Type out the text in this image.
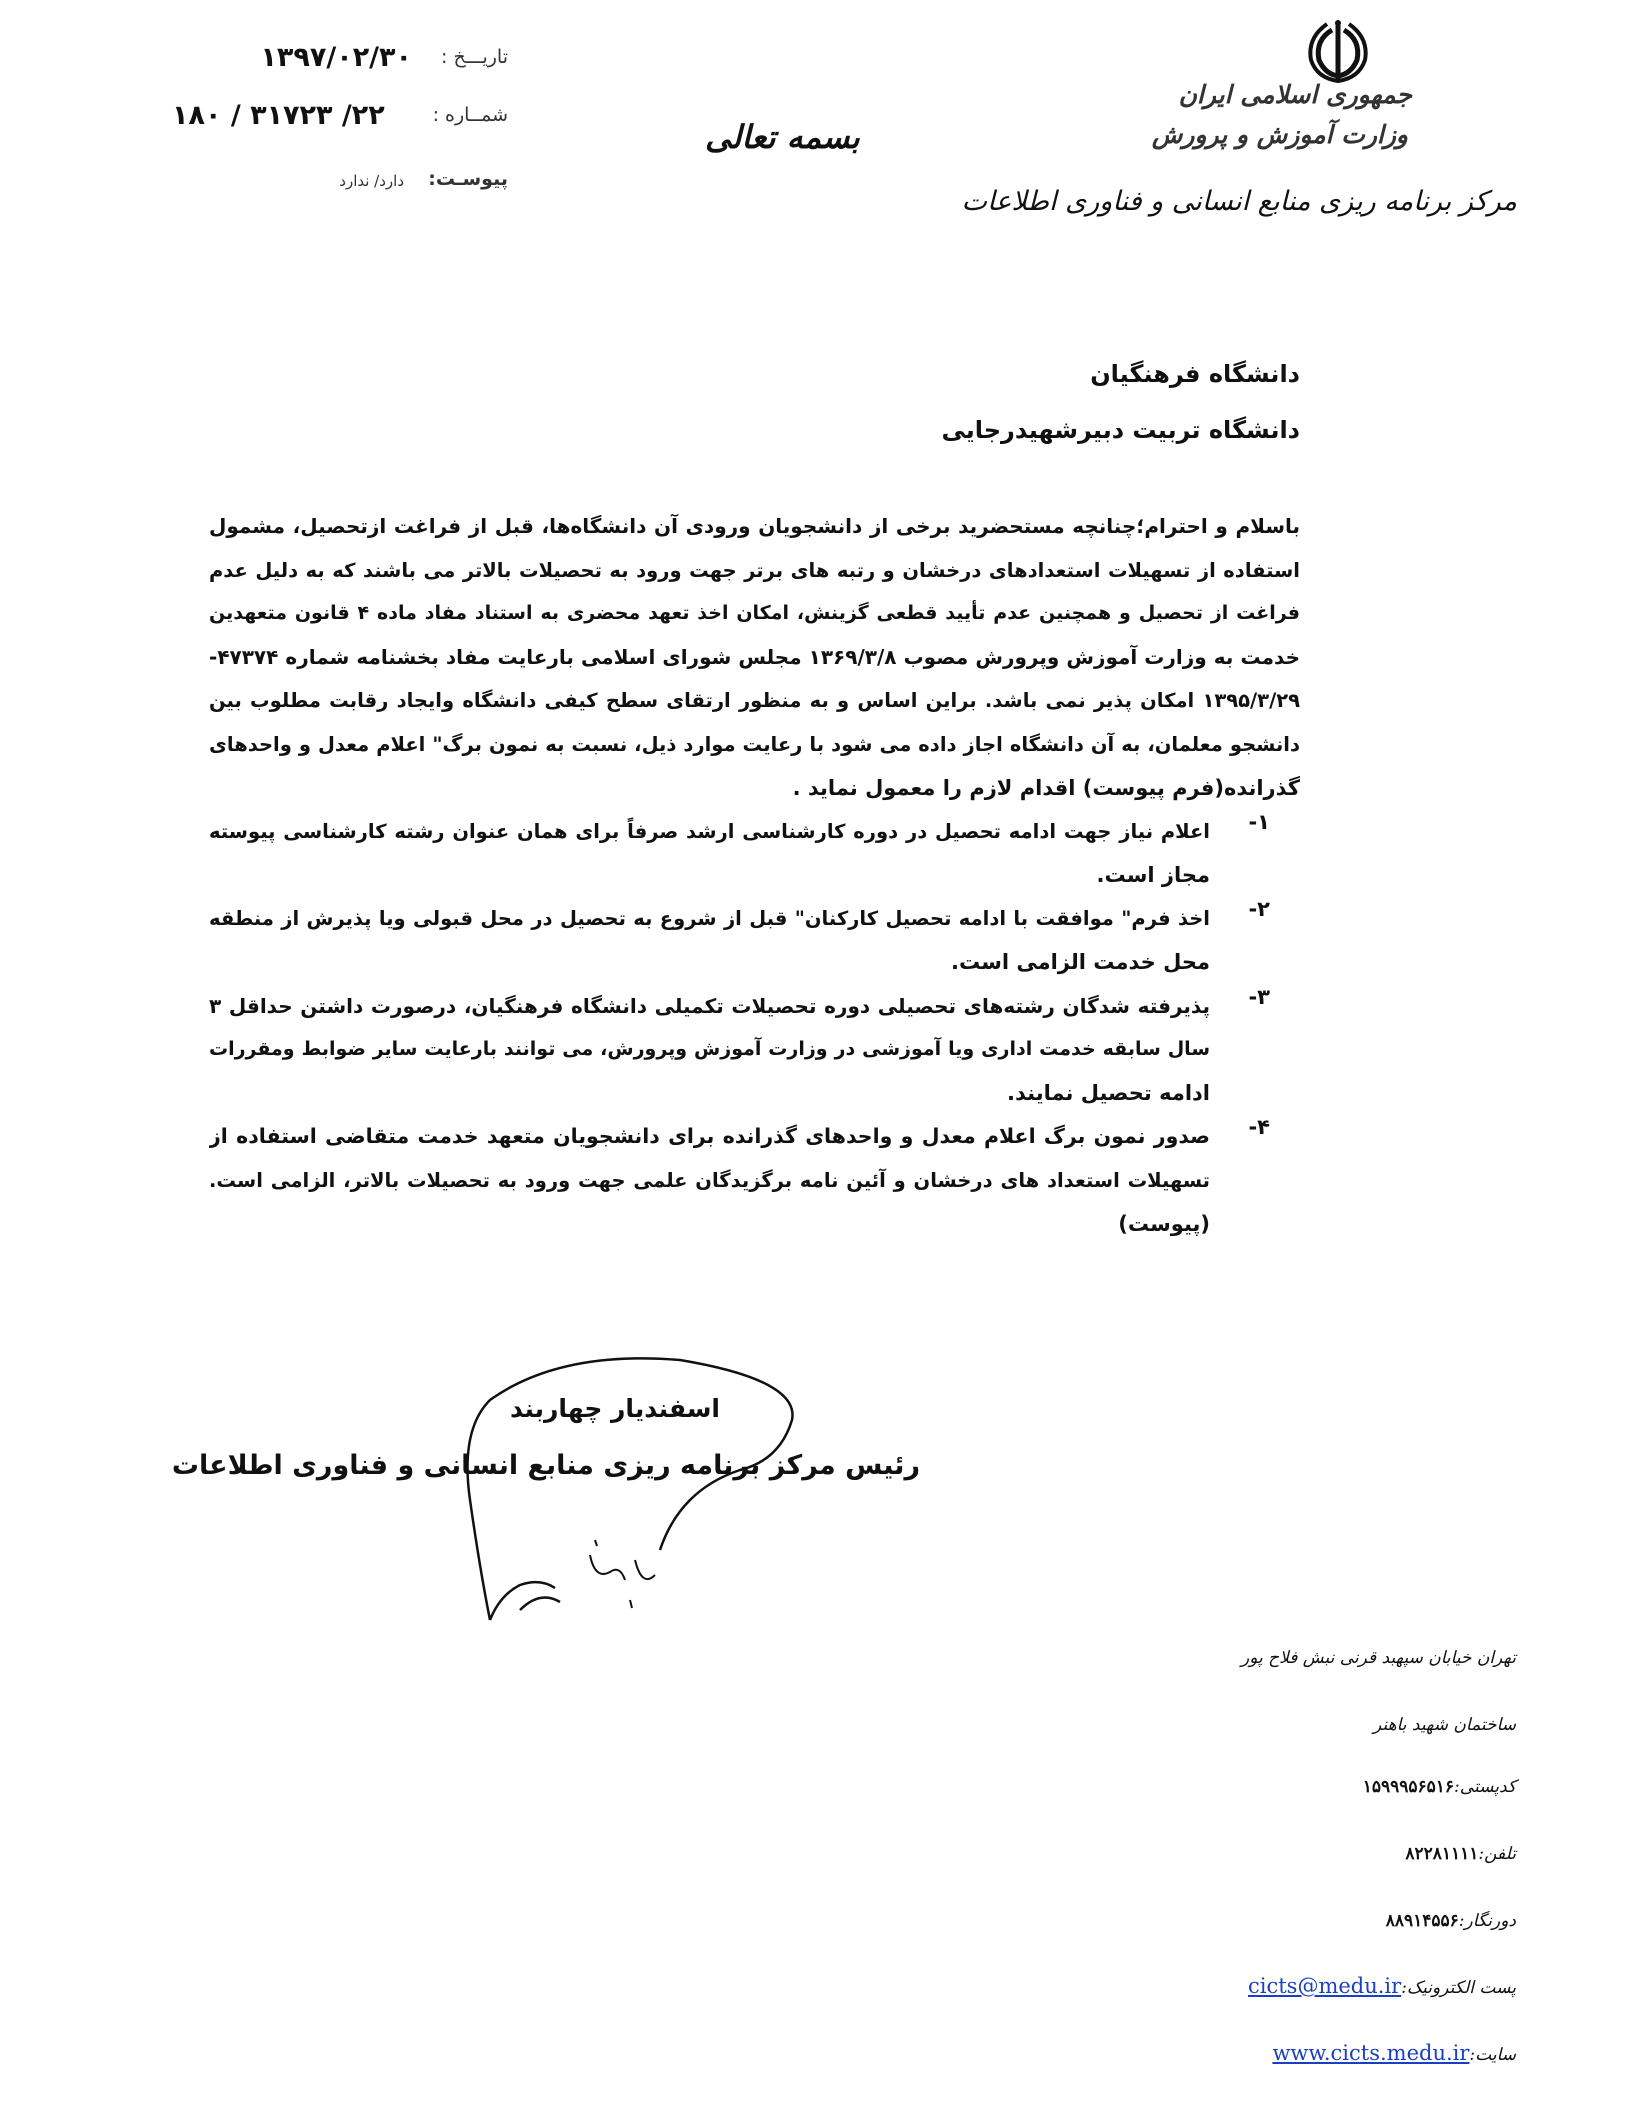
جمهوری اسلامی ایران
وزارت آموزش و پرورش
مرکز برنامه ریزی منابع انسانی و فناوری اطلاعات
تاریـــخ :
۱۳۹۷/۰۲/۳۰
شمــاره :
۱۸۰ / ۳۱۷۲۳ /۲۲
پیوسـت:
دارد/ ندارد
بسمه تعالی
دانشگاه فرهنگیان
دانشگاه تربیت دبیرشهیدرجایی
باسلام و احترام؛چنانچه مستحضرید برخی از دانشجویان ورودی آن دانشگاه‌ها، قبل از فراغت ازتحصیل، مشمول
استفاده از تسهیلات استعدادهای درخشان و رتبه های برتر جهت ورود به تحصیلات بالاتر می باشند که به دلیل عدم
فراغت از تحصیل و همچنین عدم تأیید قطعی گزینش، امکان اخذ تعهد محضری به استناد مفاد ماده ۴ قانون متعهدین
خدمت به وزارت آموزش وپرورش مصوب ۱۳۶۹/۳/۸ مجلس شورای اسلامی بارعایت مفاد بخشنامه شماره ۴۷۳۷۴-
۱۳۹۵/۳/۲۹ امکان پذیر نمی باشد. براین اساس و به منظور ارتقای سطح کیفی دانشگاه وایجاد رقابت مطلوب بین
دانشجو معلمان، به آن دانشگاه اجاز داده می شود با رعایت موارد ذیل، نسبت به نمون برگ" اعلام معدل و واحدهای
گذرانده(فرم پیوست) اقدام لازم را معمول نماید .
۱-
اعلام نیاز جهت ادامه تحصیل در دوره کارشناسی ارشد صرفاً برای همان عنوان رشته کارشناسی پیوسته
مجاز است.
۲-
اخذ فرم" موافقت با ادامه تحصیل کارکنان" قبل از شروع به تحصیل در محل قبولی ویا پذیرش از منطقه
محل خدمت الزامی است.
۳-
پذیرفته شدگان رشته‌های تحصیلی دوره تحصیلات تکمیلی دانشگاه فرهنگیان، درصورت داشتن حداقل ۳
سال سابقه خدمت اداری ویا آموزشی در وزارت آموزش وپرورش، می توانند بارعایت سایر ضوابط ومقررات
ادامه تحصیل نمایند.
۴-
صدور نمون برگ اعلام معدل و واحدهای گذرانده برای دانشجویان متعهد خدمت متقاضی استفاده از
تسهیلات استعداد های درخشان و آئین نامه برگزیدگان علمی جهت ورود به تحصیلات بالاتر، الزامی است.
(پیوست)
اسفندیار چهاربند
رئیس مرکز برنامه ریزی منابع انسانی و فناوری اطلاعات
تهران خیابان سپهبد قرنی نبش فلاح پور
ساختمان شهید باهنر
کدپستی:۱۵۹۹۹۵۶۵۱۶
تلفن:۸۲۲۸۱۱۱۱
دورنگار:۸۸۹۱۴۵۵۶
پست الکترونیک:cicts@medu.ir
سایت:www.cicts.medu.ir
